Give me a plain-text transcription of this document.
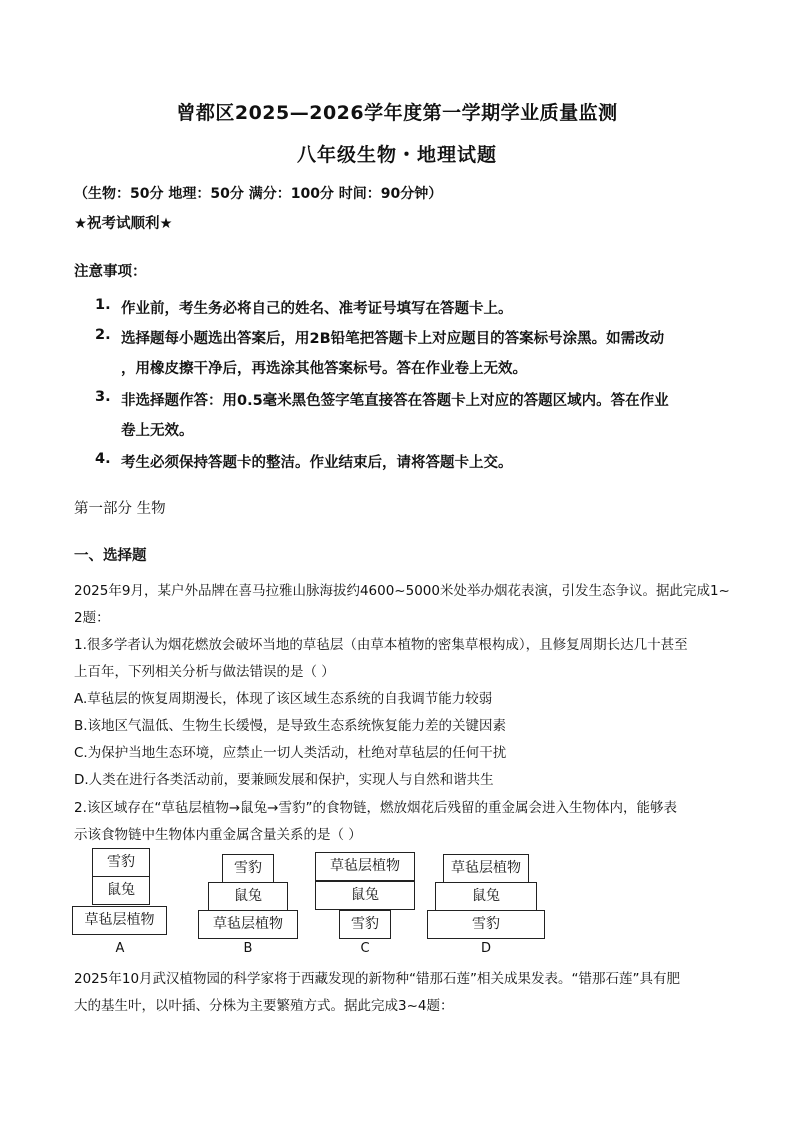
曾都区2025—2026学年度第一学期学业质量监测
八年级生物・地理试题
（生物：50分 地理：50分 满分：100分 时间：90分钟）
★祝考试顺利★
注意事项：
1. 作业前，考生务必将自己的姓名、准考证号填写在答题卡上。
2. 选择题每小题选出答案后，用2B铅笔把答题卡上对应题目的答案标号涂黑。如需改动
，用橡皮擦干净后，再选涂其他答案标号。答在作业卷上无效。
3. 非选择题作答：用0.5毫米黑色签字笔直接答在答题卡上对应的答题区域内。答在作业
卷上无效。
4. 考生必须保持答题卡的整洁。作业结束后，请将答题卡上交。
第一部分 生物
一、选择题
2025年9月，某户外品牌在喜马拉雅山脉海拔约4600~5000米处举办烟花表演，引发生态争议。据此完成1~
2题：
1.很多学者认为烟花燃放会破坏当地的草毡层（由草本植物的密集草根构成），且修复周期长达几十甚至
上百年，下列相关分析与做法错误的是（ ）
A.草毡层的恢复周期漫长，体现了该区域生态系统的自我调节能力较弱
B.该地区气温低、生物生长缓慢，是导致生态系统恢复能力差的关键因素
C.为保护当地生态环境，应禁止一切人类活动，杜绝对草毡层的任何干扰
D.人类在进行各类活动前，要兼顾发展和保护，实现人与自然和谐共生
2.该区域存在“草毡层植物→鼠兔→雪豹”的食物链，燃放烟花后残留的重金属会进入生物体内，能够表
示该食物链中生物体内重金属含量关系的是（ ）
雪豹
鼠兔
草毡层植物
A
雪豹
鼠兔
草毡层植物
B
草毡层植物
鼠兔
雪豹
C
草毡层植物
鼠兔
雪豹
D
2025年10月武汉植物园的科学家将于西藏发现的新物种“错那石莲”相关成果发表。“错那石莲”具有肥
大的基生叶，以叶插、分株为主要繁殖方式。据此完成3~4题：
